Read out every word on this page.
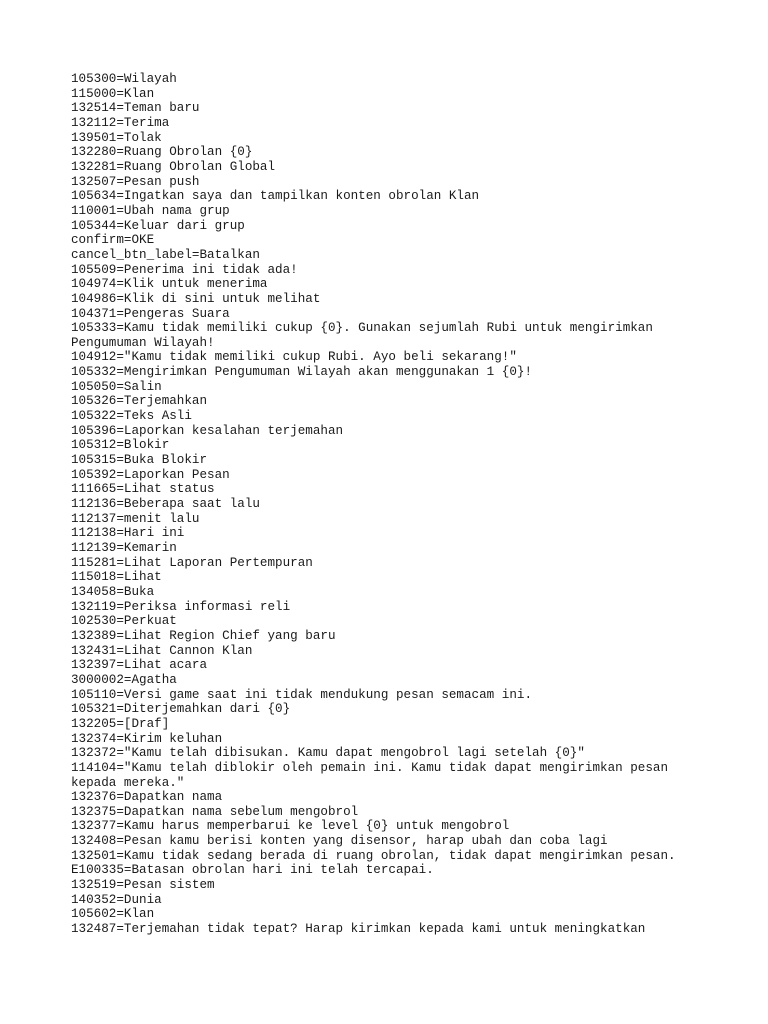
105300=Wilayah
115000=Klan
132514=Teman baru
132112=Terima
139501=Tolak
132280=Ruang Obrolan {0}
132281=Ruang Obrolan Global
132507=Pesan push
105634=Ingatkan saya dan tampilkan konten obrolan Klan
110001=Ubah nama grup
105344=Keluar dari grup
confirm=OKE
cancel_btn_label=Batalkan
105509=Penerima ini tidak ada!
104974=Klik untuk menerima
104986=Klik di sini untuk melihat
104371=Pengeras Suara
105333=Kamu tidak memiliki cukup {0}. Gunakan sejumlah Rubi untuk mengirimkan
Pengumuman Wilayah!
104912="Kamu tidak memiliki cukup Rubi. Ayo beli sekarang!"
105332=Mengirimkan Pengumuman Wilayah akan menggunakan 1 {0}!
105050=Salin
105326=Terjemahkan
105322=Teks Asli
105396=Laporkan kesalahan terjemahan
105312=Blokir
105315=Buka Blokir
105392=Laporkan Pesan
111665=Lihat status
112136=Beberapa saat lalu
112137=menit lalu
112138=Hari ini
112139=Kemarin
115281=Lihat Laporan Pertempuran
115018=Lihat
134058=Buka
132119=Periksa informasi reli
102530=Perkuat
132389=Lihat Region Chief yang baru
132431=Lihat Cannon Klan
132397=Lihat acara
3000002=Agatha
105110=Versi game saat ini tidak mendukung pesan semacam ini.
105321=Diterjemahkan dari {0}
132205=[Draf]
132374=Kirim keluhan
132372="Kamu telah dibisukan. Kamu dapat mengobrol lagi setelah {0}"
114104="Kamu telah diblokir oleh pemain ini. Kamu tidak dapat mengirimkan pesan
kepada mereka."
132376=Dapatkan nama
132375=Dapatkan nama sebelum mengobrol
132377=Kamu harus memperbarui ke level {0} untuk mengobrol
132408=Pesan kamu berisi konten yang disensor, harap ubah dan coba lagi
132501=Kamu tidak sedang berada di ruang obrolan, tidak dapat mengirimkan pesan.
E100335=Batasan obrolan hari ini telah tercapai.
132519=Pesan sistem
140352=Dunia
105602=Klan
132487=Terjemahan tidak tepat? Harap kirimkan kepada kami untuk meningkatkan
